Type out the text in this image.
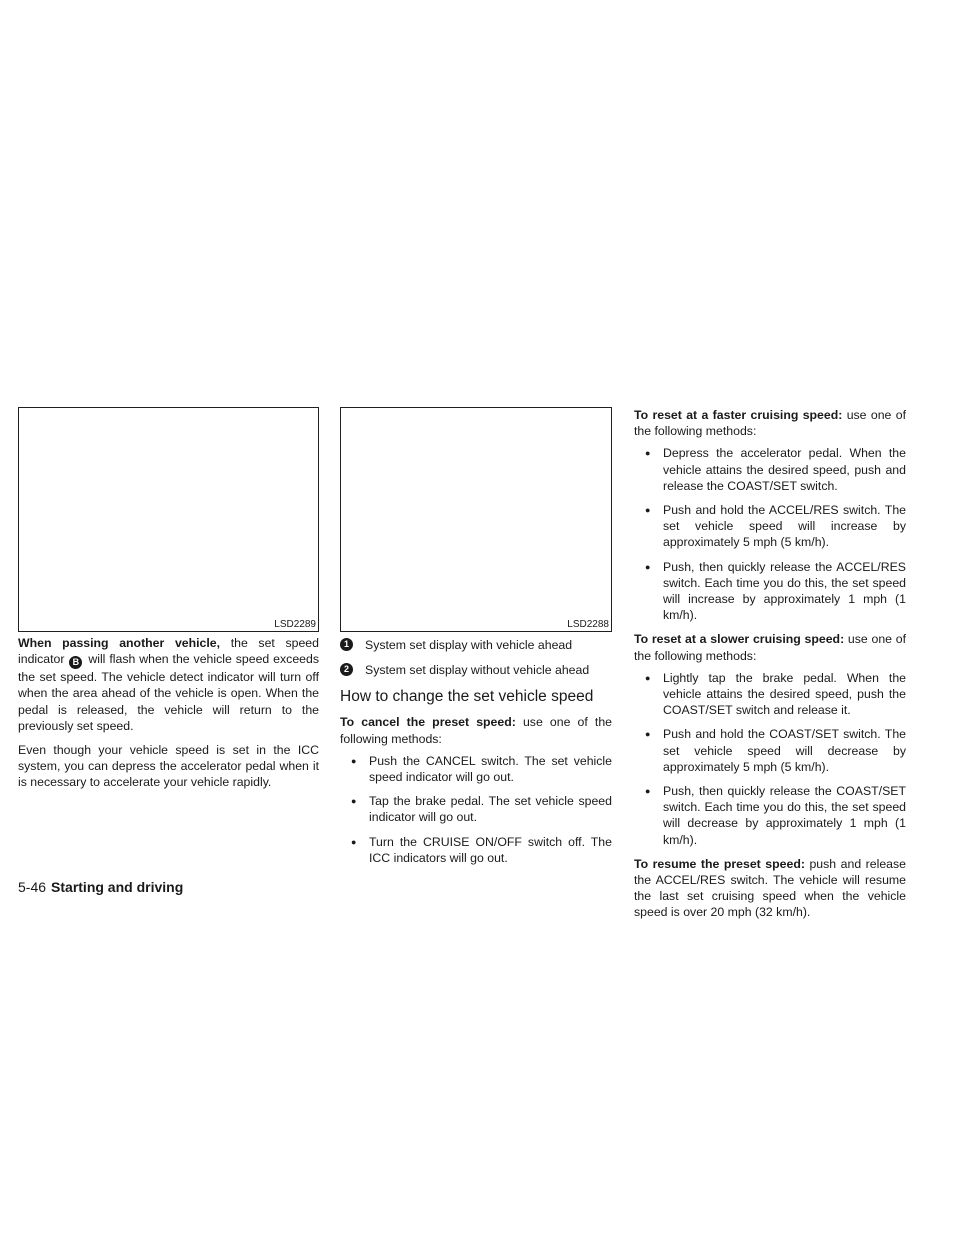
LSD2289	LSD2288

When passing another vehicle, the set speed indicator B will flash when the vehicle speed exceeds the set speed. The vehicle detect indicator will turn off when the area ahead of the vehicle is open. When the pedal is released, the vehicle will return to the previously set speed.

Even though your vehicle speed is set in the ICC system, you can depress the accelerator pedal when it is necessary to accelerate your vehicle rapidly.

1	System set display with vehicle ahead
2	System set display without vehicle ahead
How to change the set vehicle speed

To cancel the preset speed: use one of the following methods:

● Push the CANCEL switch. The set vehicle speed indicator will go out.
● Tap the brake pedal. The set vehicle speed indicator will go out.
● Turn the CRUISE ON/OFF switch off. The ICC indicators will go out.

To reset at a faster cruising speed: use one of the following methods:

● Depress the accelerator pedal. When the vehicle attains the desired speed, push and release the COAST/SET switch.
● Push and hold the ACCEL/RES switch. The set vehicle speed will increase by approximately 5 mph (5 km/h).
● Push, then quickly release the ACCEL/RES switch. Each time you do this, the set speed will increase by approximately 1 mph (1 km/h).

To reset at a slower cruising speed: use one of the following methods:

● Lightly tap the brake pedal. When the vehicle attains the desired speed, push the COAST/SET switch and release it.
● Push and hold the COAST/SET switch. The set vehicle speed will decrease by approximately 5 mph (5 km/h).
● Push, then quickly release the COAST/SET switch. Each time you do this, the set speed will decrease by approximately 1 mph (1 km/h).

To resume the preset speed: push and release the ACCEL/RES switch. The vehicle will resume the last set cruising speed when the vehicle speed is over 20 mph (32 km/h).

5-46 Starting and driving
